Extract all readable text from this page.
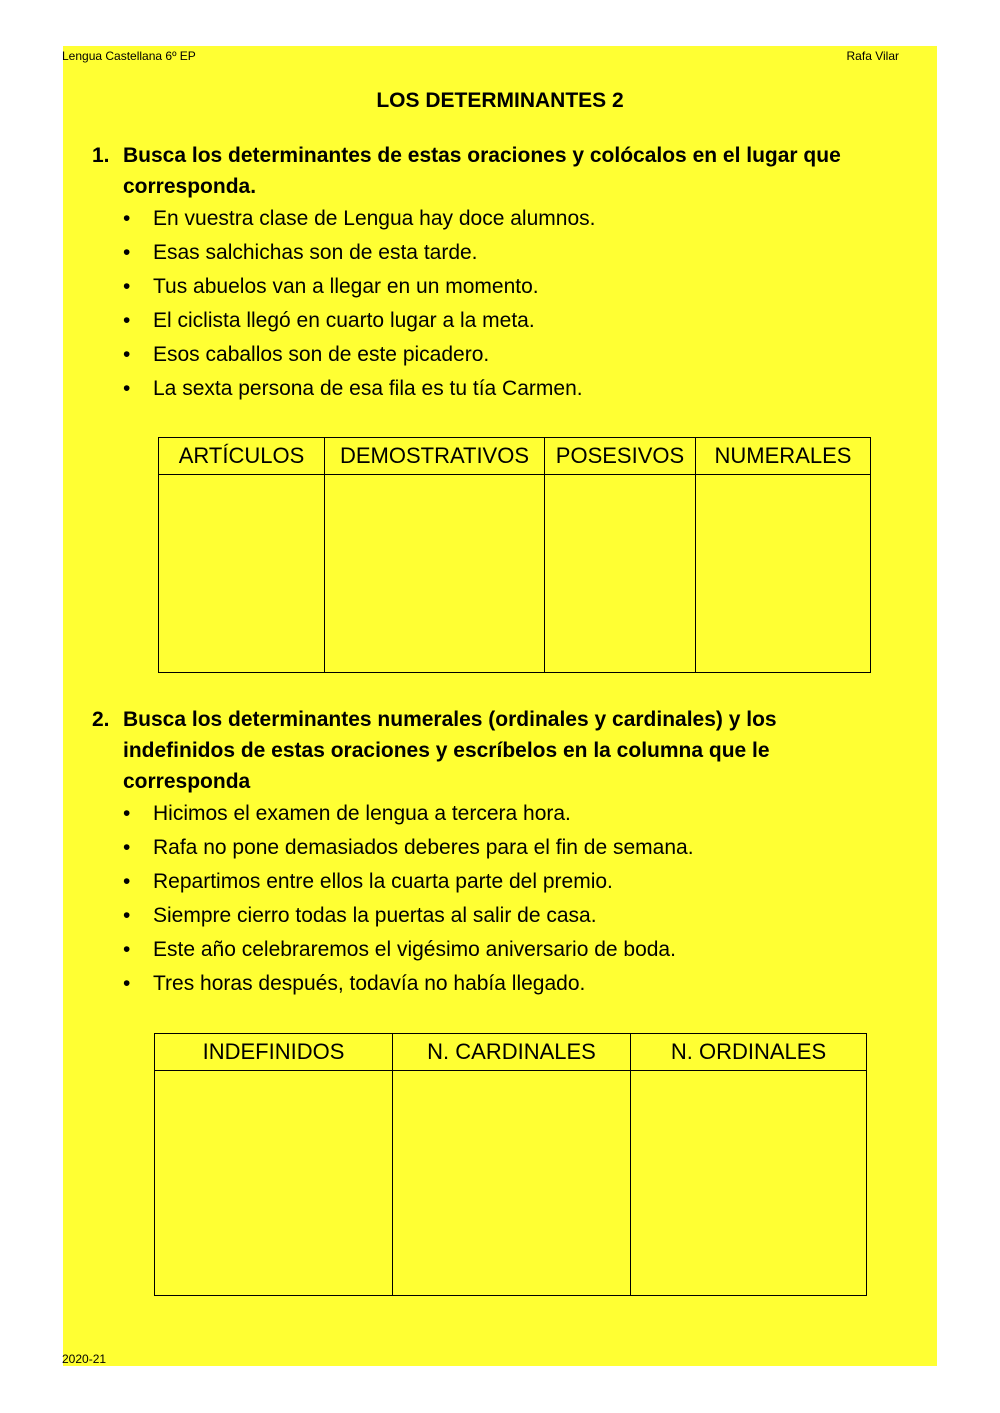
Lengua Castellana 6º EP	Rafa Vilar
LOS DETERMINANTES 2
1. Busca los determinantes de estas oraciones y colócalos en el lugar que corresponda.
•	En vuestra clase de Lengua hay doce alumnos.
•	Esas salchichas son de esta tarde.
•	Tus abuelos van a llegar en un momento.
•	El ciclista llegó en cuarto lugar a la meta.
•	Esos caballos son de este picadero.
•	La sexta persona de esa fila es tu tía Carmen.
ARTÍCULOS	DEMOSTRATIVOS	POSESIVOS	NUMERALES

2. Busca los determinantes numerales (ordinales y cardinales) y los indefinidos de estas oraciones y escríbelos en la columna que le corresponda
•	Hicimos el examen de lengua a tercera hora.
•	Rafa no pone demasiados deberes para el fin de semana.
•	Repartimos entre ellos la cuarta parte del premio.
•	Siempre cierro todas la puertas al salir de casa.
•	Este año celebraremos el vigésimo aniversario de boda.
•	Tres horas después, todavía no había llegado.
INDEFINIDOS	N. CARDINALES	N. ORDINALES

2020-21
